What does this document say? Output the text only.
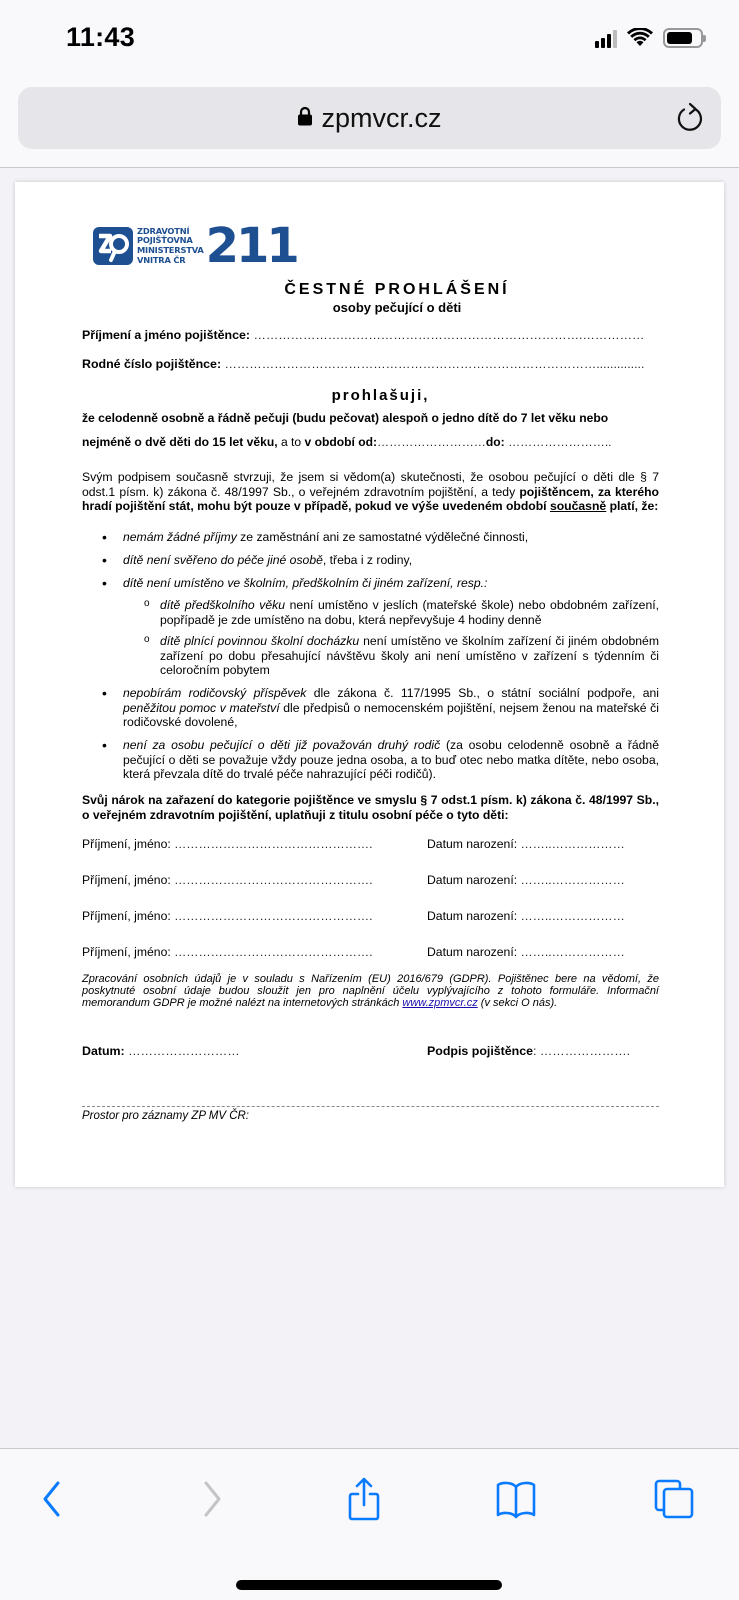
11:43
zpmvcr.cz
ZDRAVOTNÍ
POJIŠŤOVNA
MINISTERSTVA
VNITRA ČR 211
ČESTNÉ PROHLÁŠENÍ
osoby pečující o děti
Příjmení a jméno pojištěnce: ………………….………………………………………………….……………
Rodné číslo pojištěnce: ………………………………………………………………………………..............
prohlašuji,
že celodenně osobně a řádně pečuji (budu pečovat) alespoň o jedno dítě do 7 let věku nebo
nejméně o dvě děti do 15 let věku, a to v období od:………………………do: ……………………..
Svým podpisem současně stvrzuji, že jsem si vědom(a) skutečnosti, že osobou pečující o děti dle § 7 odst.1 písm. k) zákona č. 48/1997 Sb., o veřejném zdravotním pojištění, a tedy pojištěncem, za kterého hradí pojištění stát, mohu být pouze v případě, pokud ve výše uvedeném období současně platí, že:
• nemám žádné příjmy ze zaměstnání ani ze samostatné výdělečné činnosti,
• dítě není svěřeno do péče jiné osobě, třeba i z rodiny,
• dítě není umístěno ve školním, předškolním či jiném zařízení, resp.:
o dítě předškolního věku není umístěno v jeslích (mateřské škole) nebo obdobném zařízení, popřípadě je zde umístěno na dobu, která nepřevyšuje 4 hodiny denně
o dítě plnící povinnou školní docházku není umístěno ve školním zařízení či jiném obdobném zařízení po dobu přesahující návštěvu školy ani není umístěno v zařízení s týdenním či celoročním pobytem
• nepobírám rodičovský příspěvek dle zákona č. 117/1995 Sb., o státní sociální podpoře, ani peněžitou pomoc v mateřství dle předpisů o nemocenském pojištění, nejsem ženou na mateřské či rodičovské dovolené,
• není za osobu pečující o děti již považován druhý rodič (za osobu celodenně osobně a řádně pečující o děti se považuje vždy pouze jedna osoba, a to buď otec nebo matka dítěte, nebo osoba, která převzala dítě do trvalé péče nahrazující péči rodičů).
Svůj nárok na zařazení do kategorie pojištěnce ve smyslu § 7 odst.1 písm. k) zákona č. 48/1997 Sb., o veřejném zdravotním pojištění, uplatňuji z titulu osobní péče o tyto děti:
Příjmení, jméno: ………………………………………….	Datum narození: ……..………………
Příjmení, jméno: ………………………………………….	Datum narození: ……..………………
Příjmení, jméno: ………………………………………….	Datum narození: ……..………………
Příjmení, jméno: ………………………………………….	Datum narození: ……..………………
Zpracování osobních údajů je v souladu s Nařízením (EU) 2016/679 (GDPR). Pojištěnec bere na vědomí, že poskytnuté osobní údaje budou sloužit jen pro naplnění účelu vyplývajícího z tohoto formuláře. Informační memorandum GDPR je možné nalézt na internetových stránkách www.zpmvcr.cz (v sekci O nás).
Datum: ………………………	Podpis pojištěnce: ………………….
Prostor pro záznamy ZP MV ČR:
